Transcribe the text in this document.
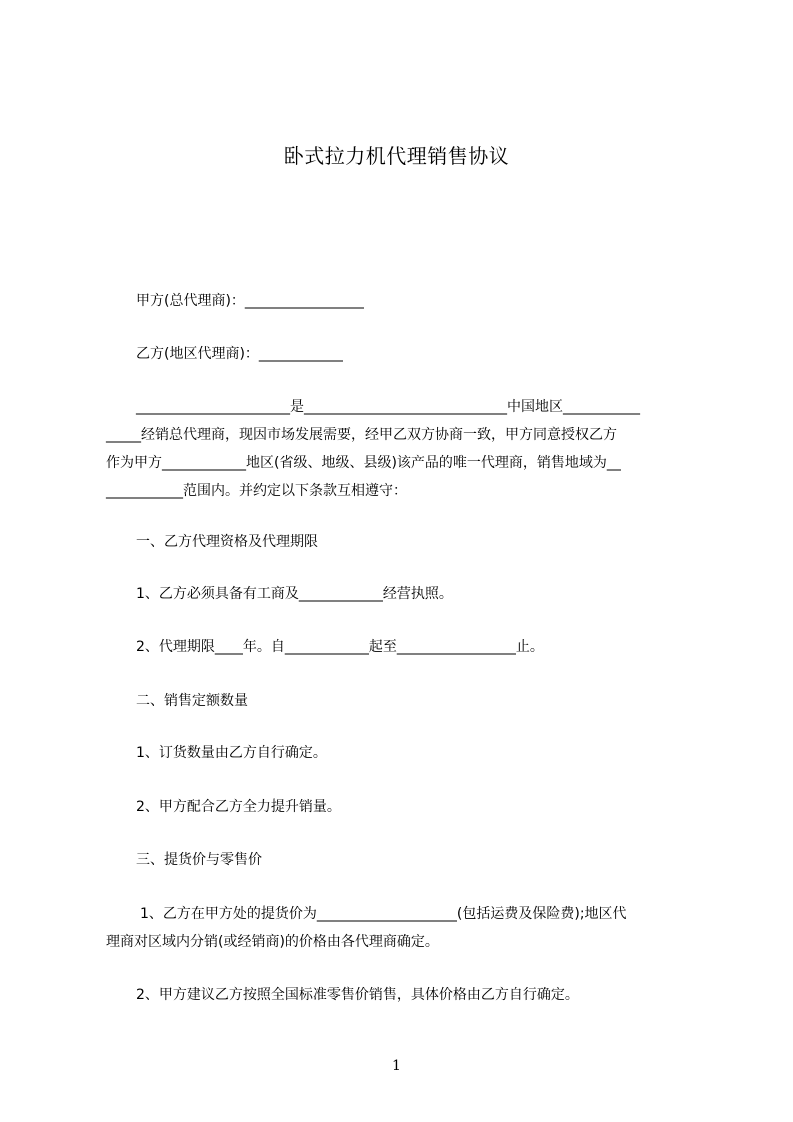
卧式拉力机代理销售协议
甲方(总代理商)：_________________
乙方(地区代理商)：____________
______________________是_____________________________中国地区___________
_____经销总代理商，现因市场发展需要，经甲乙双方协商一致，甲方同意授权乙方
作为甲方____________地区(省级、地级、县级)该产品的唯一代理商，销售地域为__
___________范围内。并约定以下条款互相遵守：
一、乙方代理资格及代理期限
1、乙方必须具备有工商及____________经营执照。
2、代理期限____年。自____________起至_________________止。
二、销售定额数量
1、订货数量由乙方自行确定。
2、甲方配合乙方全力提升销量。
三、提货价与零售价
1、乙方在甲方处的提货价为____________________(包括运费及保险费);地区代
理商对区域内分销(或经销商)的价格由各代理商确定。
2、甲方建议乙方按照全国标准零售价销售，具体价格由乙方自行确定。
1
